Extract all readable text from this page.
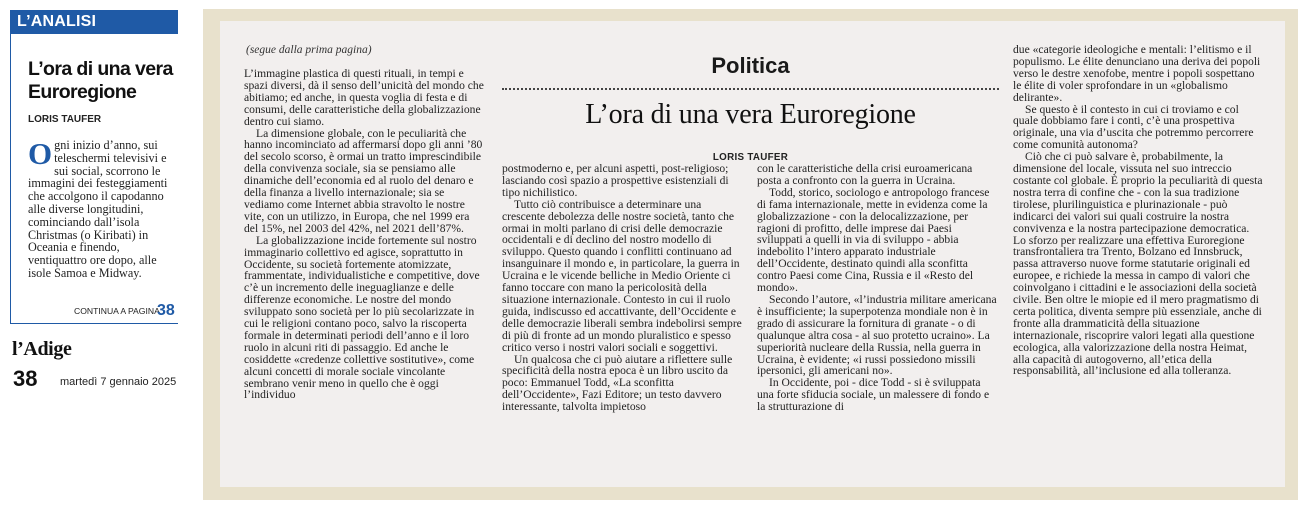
L’ANALISI
L’ora di una vera Euroregione
LORIS TAUFER
Ogni inizio d’anno, sui teleschermi televisivi e sui social, scorrono le immagini dei festeggiamenti che accolgono il capodanno alle diverse longitudini, cominciando dall’isola Christmas (o Kiribati) in Oceania e finendo, ventiquattro ore dopo, alle isole Samoa e Midway.
CONTINUA A PAGINA
38
l’Adige
38 martedì 7 gennaio 2025
(segue dalla prima pagina)

L’immagine plastica di questi rituali, in tempi e spazi diversi, dà il senso dell’unicità del mondo che abitiamo; ed anche, in questa voglia di festa e di consumi, delle caratteristiche della globalizzazione dentro cui siamo.

La dimensione globale, con le peculiarità che hanno incominciato ad affermarsi dopo gli anni ’80 del secolo scorso, è ormai un tratto imprescindibile della convivenza sociale, sia se pensiamo alle dinamiche dell’economia ed al ruolo del denaro e della finanza a livello internazionale; sia se vediamo come Internet abbia stravolto le nostre vite, con un utilizzo, in Europa, che nel 1999 era del 15%, nel 2003 del 42%, nel 2021 dell’87%.

La globalizzazione incide fortemente sul nostro immaginario collettivo ed agisce, soprattutto in Occidente, su società fortemente atomizzate, frammentate, individualistiche e competitive, dove c’è un incremento delle ineguaglianze e delle differenze economiche. Le nostre del mondo sviluppato sono società per lo più secolarizzate in cui le religioni contano poco, salvo la riscoperta formale in determinati periodi dell’anno e il loro ruolo in alcuni riti di passaggio. Ed anche le cosiddette «credenze collettive sostitutive», come alcuni concetti di morale sociale vincolante sembrano venir meno in quello che è oggi l’individuo

Politica
L’ora di una vera Euroregione
LORIS TAUFER

postmoderno e, per alcuni aspetti, post-religioso; lasciando così spazio a prospettive esistenziali di tipo nichilistico.

Tutto ciò contribuisce a determinare una crescente debolezza delle nostre società, tanto che ormai in molti parlano di crisi delle democrazie occidentali e di declino del nostro modello di sviluppo. Questo quando i conflitti continuano ad insanguinare il mondo e, in particolare, la guerra in Ucraina e le vicende belliche in Medio Oriente ci fanno toccare con mano la pericolosità della situazione internazionale. Contesto in cui il ruolo guida, indiscusso ed accattivante, dell’Occidente e delle democrazie liberali sembra indebolirsi sempre di più di fronte ad un mondo pluralistico e spesso critico verso i nostri valori sociali e soggettivi.

Un qualcosa che ci può aiutare a riflettere sulle specificità della nostra epoca è un libro uscito da poco: Emmanuel Todd, «La sconfitta dell’Occidente», Fazi Editore; un testo davvero interessante, talvolta impietoso

con le caratteristiche della crisi euroamericana posta a confronto con la guerra in Ucraina.

Todd, storico, sociologo e antropologo francese di fama internazionale, mette in evidenza come la globalizzazione - con la delocalizzazione, per ragioni di profitto, delle imprese dai Paesi sviluppati a quelli in via di sviluppo - abbia indebolito l’intero apparato industriale dell’Occidente, destinato quindi alla sconfitta contro Paesi come Cina, Russia e il «Resto del mondo».

Secondo l’autore, «l’industria militare americana è insufficiente; la superpotenza mondiale non è in grado di assicurare la fornitura di granate - o di qualunque altra cosa - al suo protetto ucraino». La superiorità nucleare della Russia, nella guerra in Ucraina, è evidente; «i russi possiedono missili ipersonici, gli americani no».

In Occidente, poi - dice Todd - si è sviluppata una forte sfiducia sociale, un malessere di fondo e la strutturazione di

due «categorie ideologiche e mentali: l’elitismo e il populismo. Le élite denunciano una deriva dei popoli verso le destre xenofobe, mentre i popoli sospettano le élite di voler sprofondare in un «globalismo delirante».

Se questo è il contesto in cui ci troviamo e col quale dobbiamo fare i conti, c’è una prospettiva originale, una via d’uscita che potremmo percorrere come comunità autonoma?

Ciò che ci può salvare è, probabilmente, la dimensione del locale, vissuta nel suo intreccio costante col globale. È proprio la peculiarità di questa nostra terra di confine che - con la sua tradizione tirolese, plurilinguistica e plurinazionale - può indicarci dei valori sui quali costruire la nostra convivenza e la nostra partecipazione democratica. Lo sforzo per realizzare una effettiva Euroregione transfrontaliera tra Trento, Bolzano ed Innsbruck, passa attraverso nuove forme statutarie originali ed europee, e richiede la messa in campo di valori che coinvolgano i cittadini e le associazioni della società civile. Ben oltre le miopie ed il mero pragmatismo di certa politica, diventa sempre più essenziale, anche di fronte alla drammaticità della situazione internazionale, riscoprire valori legati alla questione ecologica, alla valorizzazione della nostra Heimat, alla capacità di autogoverno, all’etica della responsabilità, all’inclusione ed alla tolleranza.
